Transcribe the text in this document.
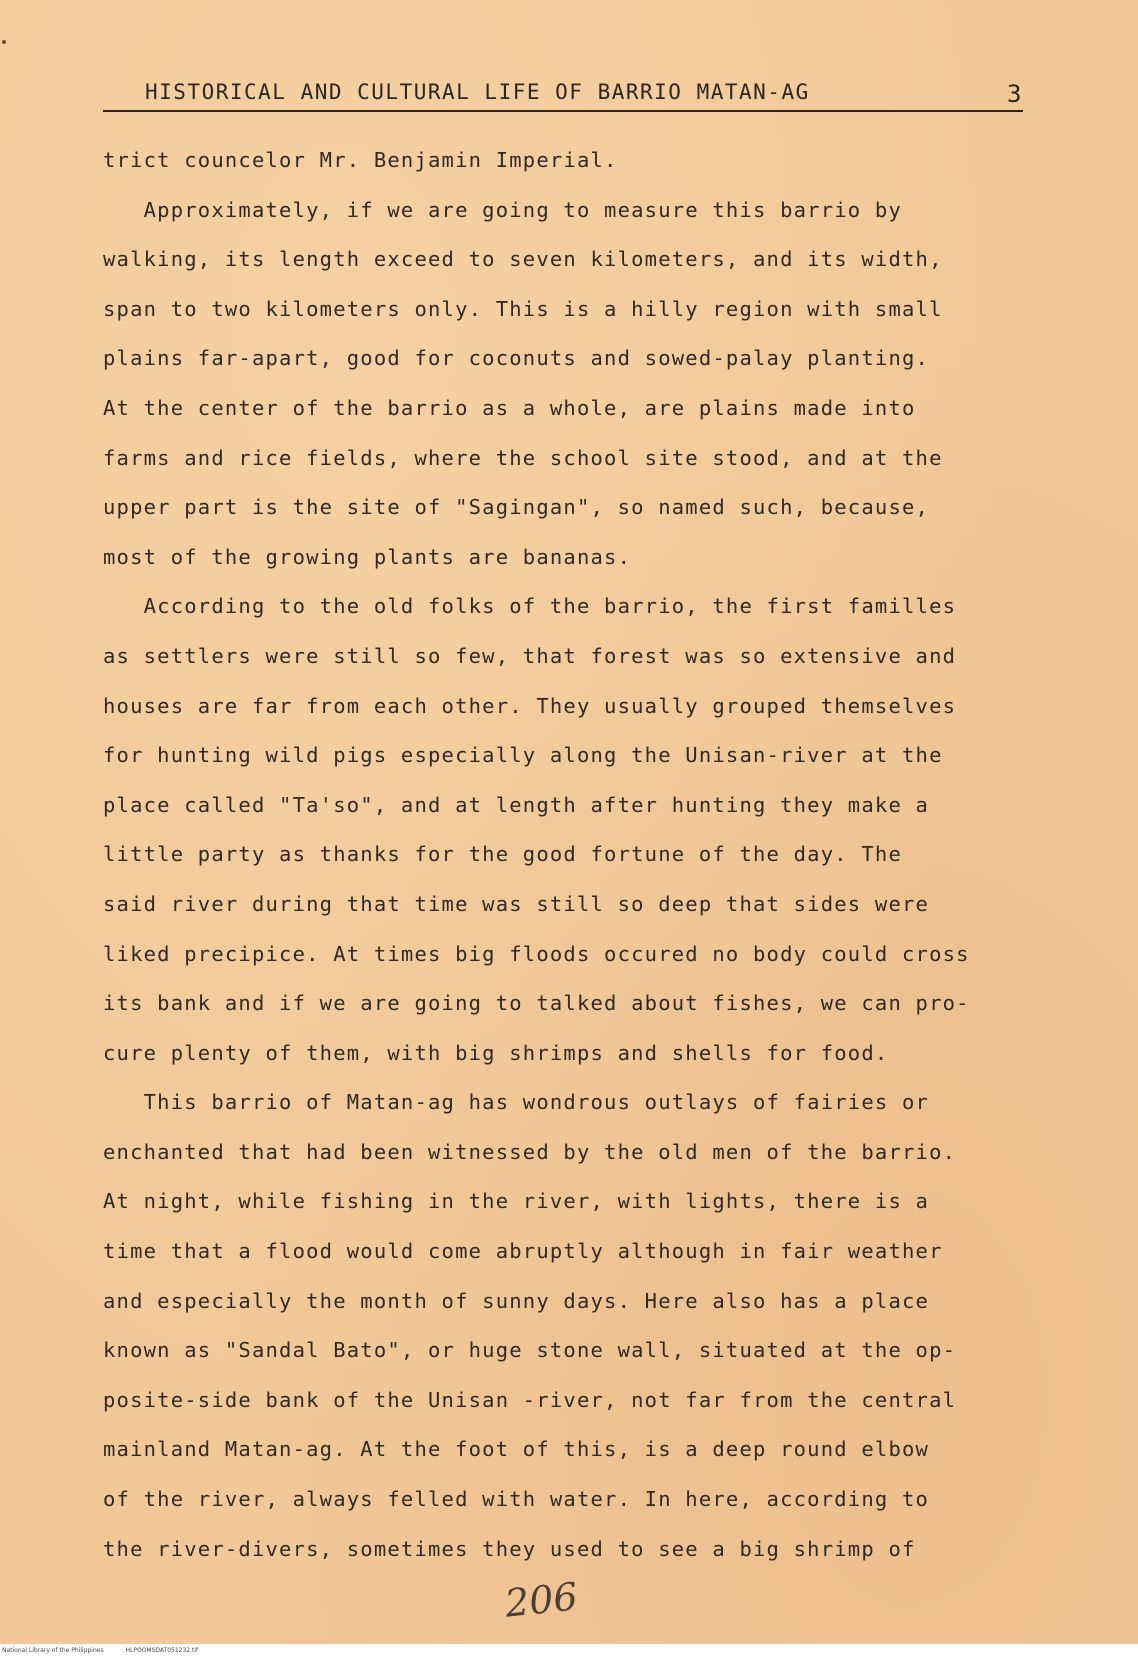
HISTORICAL AND CULTURAL LIFE OF BARRIO MATAN-AG	3
trict councelor Mr. Benjamin Imperial.
Approximately, if we are going to measure this barrio by
walking, its length exceed to seven kilometers, and its width,
span to two kilometers only. This is a hilly region with small
plains far-apart, good for coconuts and sowed-palay planting.
At the center of the barrio as a whole, are plains made into
farms and rice fields, where the school site stood, and at the
upper part is the site of "Sagingan", so named such, because,
most of the growing plants are bananas.
According to the old folks of the barrio, the first familles
as settlers were still so few, that forest was so extensive and
houses are far from each other. They usually grouped themselves
for hunting wild pigs especially along the Unisan-river at the
place called "Ta'so", and at length after hunting they make a
little party as thanks for the good fortune of the day. The
said river during that time was still so deep that sides were
liked precipice. At times big floods occured no body could cross
its bank and if we are going to talked about fishes, we can pro-
cure plenty of them, with big shrimps and shells for food.
This barrio of Matan-ag has wondrous outlays of fairies or
enchanted that had been witnessed by the old men of the barrio.
At night, while fishing in the river, with lights, there is a
time that a flood would come abruptly although in fair weather
and especially the month of sunny days. Here also has a place
known as "Sandal Bato", or huge stone wall, situated at the op-
posite-side bank of the Unisan -river, not far from the central
mainland Matan-ag. At the foot of this, is a deep round elbow
of the river, always felled with water. In here, according to
the river-divers, sometimes they used to see a big shrimp of
206
National Library of the Philippines	HLPOOMSDAT051232.tif
